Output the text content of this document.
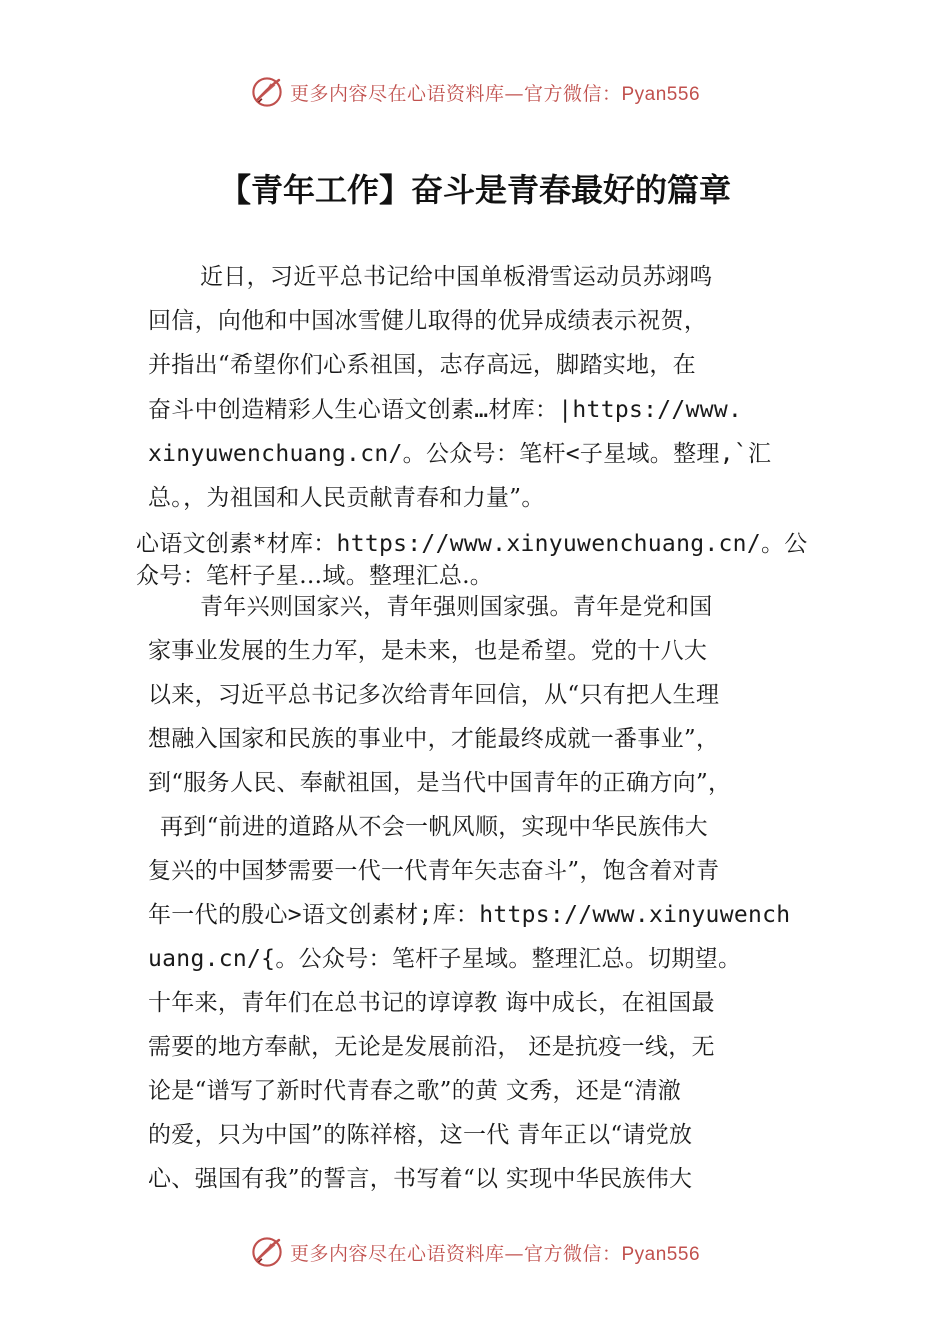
更多内容尽在心语资料库—官方微信：Pyan556
【青年工作】奋斗是青春最好的篇章
近日，习近平总书记给中国单板滑雪运动员苏翊鸣
回信，向他和中国冰雪健儿取得的优异成绩表示祝贺，
并指出“希望你们心系祖国，志存高远，脚踏实地，在
奋斗中创造精彩人生心语文创素…材库：|https://www.
xinyuwenchuang.cn/。公众号：笔杆<子星域。整理,`汇
总。，为祖国和人民贡献青春和力量”。
心语文创素*材库：https://www.xinyuwenchuang.cn/。公
众号：笔杆子星…域。整理汇总.。
青年兴则国家兴，青年强则国家强。青年是党和国
家事业发展的生力军，是未来，也是希望。党的十八大
以来，习近平总书记多次给青年回信，从“只有把人生理
想融入国家和民族的事业中，才能最终成就一番事业”，
到“服务人民、奉献祖国，是当代中国青年的正确方向”，
再到“前进的道路从不会一帆风顺，实现中华民族伟大
复兴的中国梦需要一代一代青年矢志奋斗”，饱含着对青
年一代的殷心>语文创素材;库：https://www.xinyuwench
uang.cn/{。公众号：笔杆子星域。整理汇总。切期望。
十年来，青年们在总书记的谆谆教 诲中成长，在祖国最
需要的地方奉献，无论是发展前沿， 还是抗疫一线，无
论是“谱写了新时代青春之歌”的黄 文秀，还是“清澈
的爱，只为中国”的陈祥榕，这一代 青年正以“请党放
心、强国有我”的誓言，书写着“以 实现中华民族伟大
更多内容尽在心语资料库—官方微信：Pyan556
